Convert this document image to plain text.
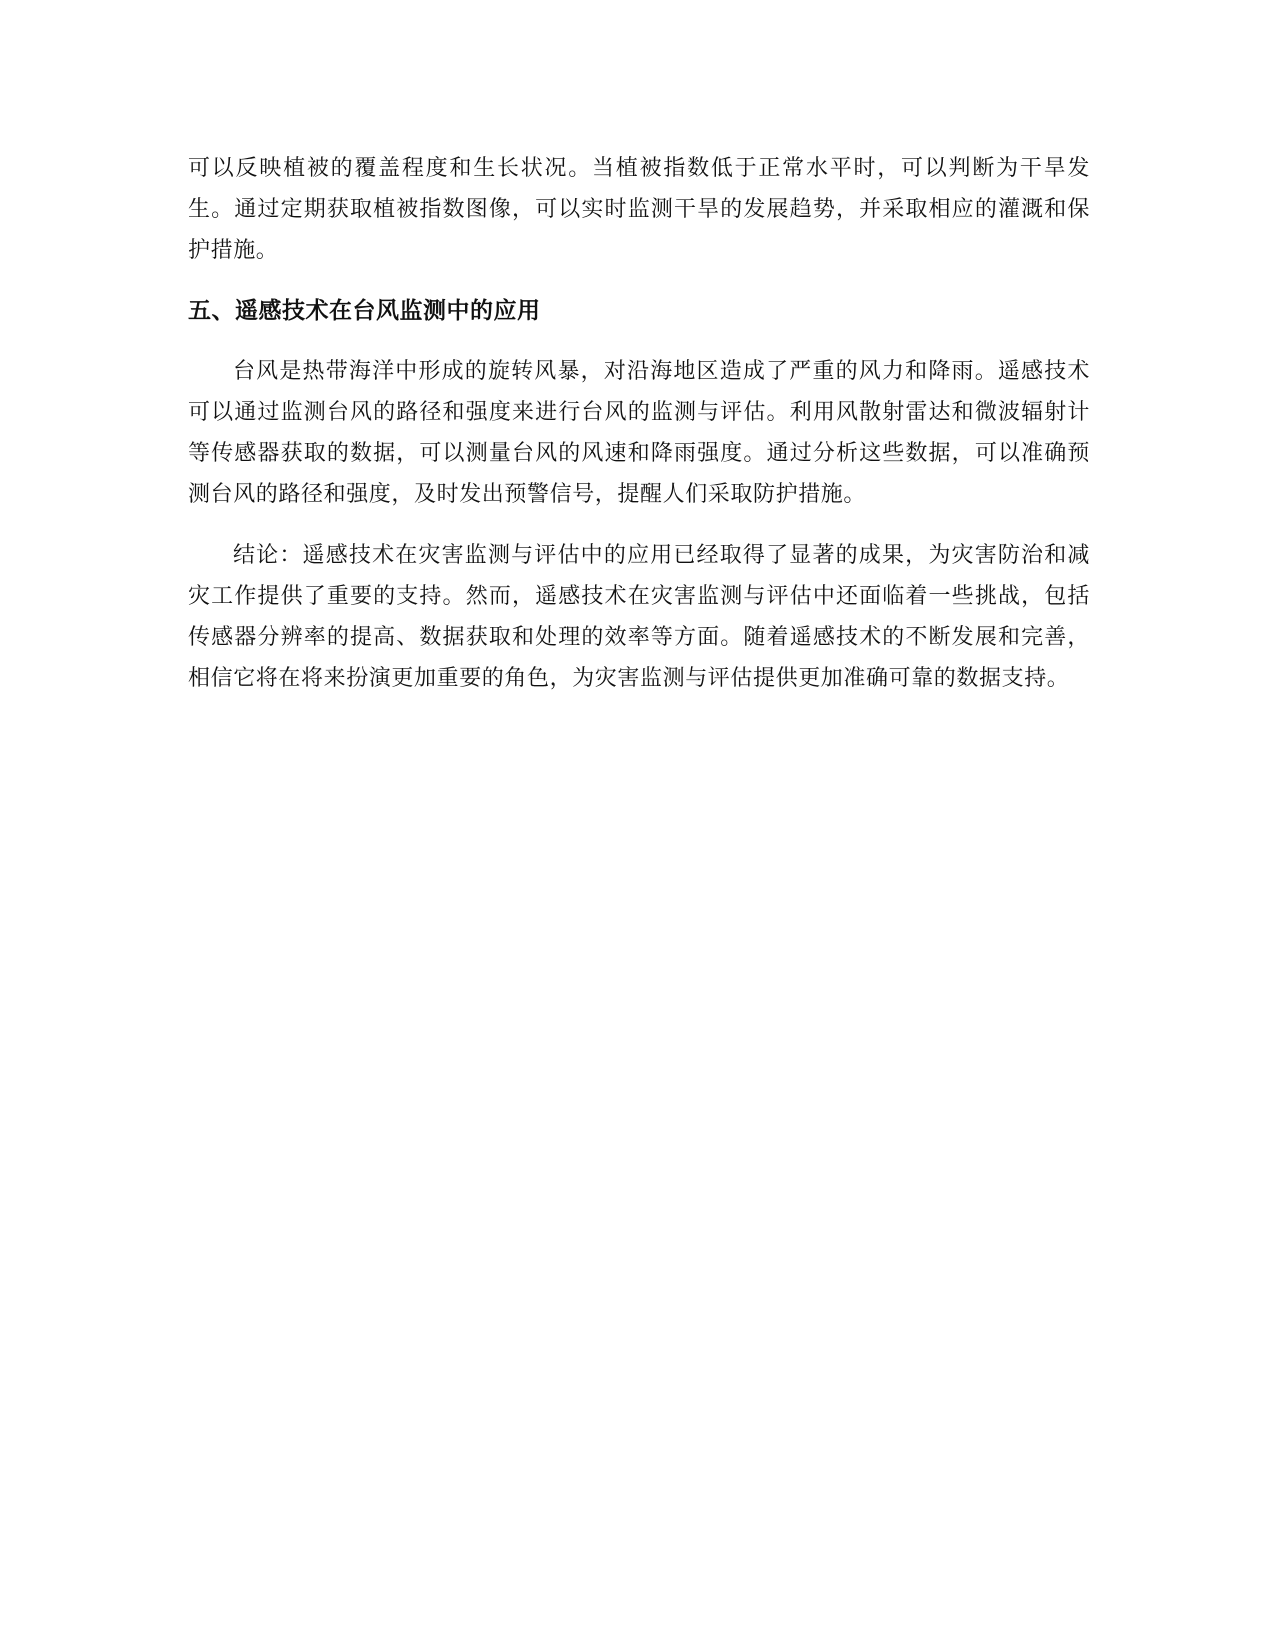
可以反映植被的覆盖程度和生长状况。当植被指数低于正常水平时，可以判断为干旱发生。通过定期获取植被指数图像，可以实时监测干旱的发展趋势，并采取相应的灌溉和保护措施。

五、遥感技术在台风监测中的应用

台风是热带海洋中形成的旋转风暴，对沿海地区造成了严重的风力和降雨。遥感技术可以通过监测台风的路径和强度来进行台风的监测与评估。利用风散射雷达和微波辐射计等传感器获取的数据，可以测量台风的风速和降雨强度。通过分析这些数据，可以准确预测台风的路径和强度，及时发出预警信号，提醒人们采取防护措施。

结论：遥感技术在灾害监测与评估中的应用已经取得了显著的成果，为灾害防治和减灾工作提供了重要的支持。然而，遥感技术在灾害监测与评估中还面临着一些挑战，包括传感器分辨率的提高、数据获取和处理的效率等方面。随着遥感技术的不断发展和完善，相信它将在将来扮演更加重要的角色，为灾害监测与评估提供更加准确可靠的数据支持。
